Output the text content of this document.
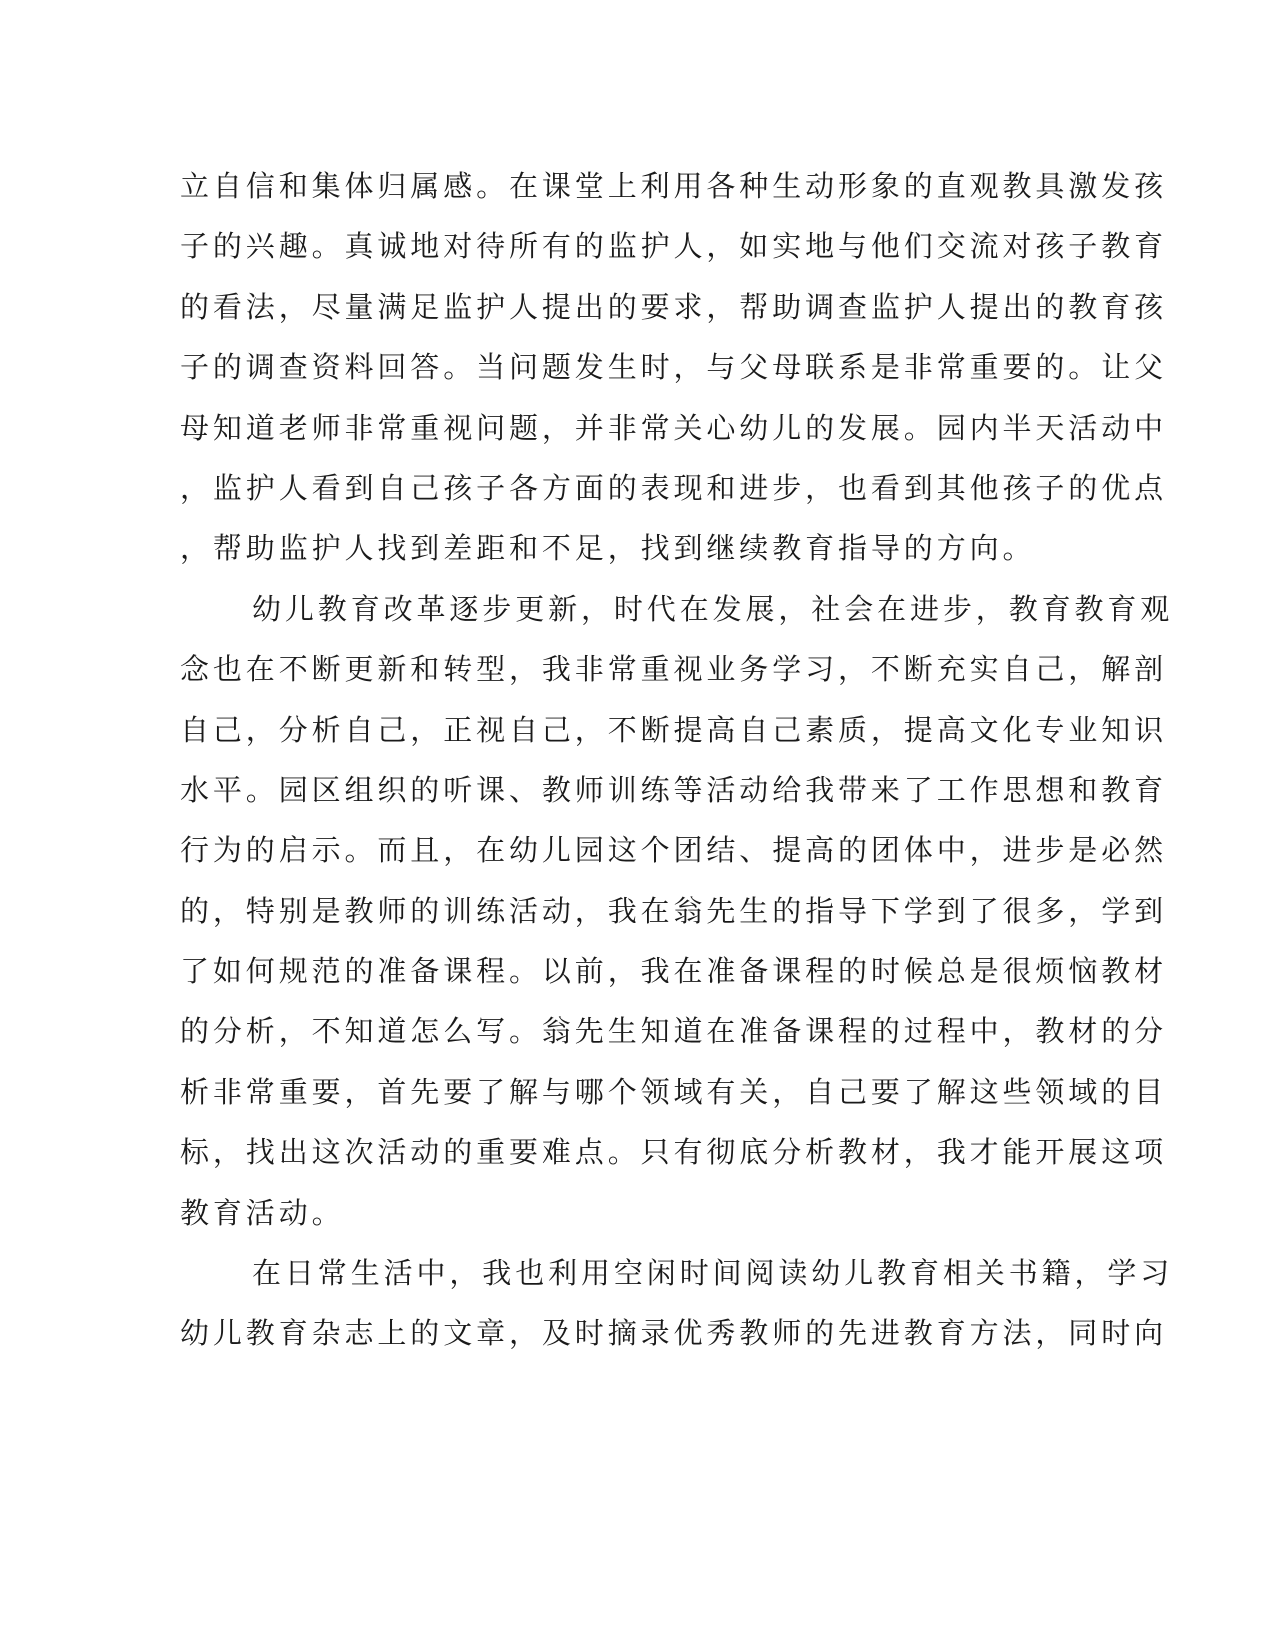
立自信和集体归属感。在课堂上利用各种生动形象的直观教具激发孩
子的兴趣。真诚地对待所有的监护人，如实地与他们交流对孩子教育
的看法，尽量满足监护人提出的要求，帮助调查监护人提出的教育孩
子的调查资料回答。当问题发生时，与父母联系是非常重要的。让父
母知道老师非常重视问题，并非常关心幼儿的发展。园内半天活动中
，监护人看到自己孩子各方面的表现和进步，也看到其他孩子的优点
，帮助监护人找到差距和不足，找到继续教育指导的方向。
幼儿教育改革逐步更新，时代在发展，社会在进步，教育教育观
念也在不断更新和转型，我非常重视业务学习，不断充实自己，解剖
自己，分析自己，正视自己，不断提高自己素质，提高文化专业知识
水平。园区组织的听课、教师训练等活动给我带来了工作思想和教育
行为的启示。而且，在幼儿园这个团结、提高的团体中，进步是必然
的，特别是教师的训练活动，我在翁先生的指导下学到了很多，学到
了如何规范的准备课程。以前，我在准备课程的时候总是很烦恼教材
的分析，不知道怎么写。翁先生知道在准备课程的过程中，教材的分
析非常重要，首先要了解与哪个领域有关，自己要了解这些领域的目
标，找出这次活动的重要难点。只有彻底分析教材，我才能开展这项
教育活动。
在日常生活中，我也利用空闲时间阅读幼儿教育相关书籍，学习
幼儿教育杂志上的文章，及时摘录优秀教师的先进教育方法，同时向
